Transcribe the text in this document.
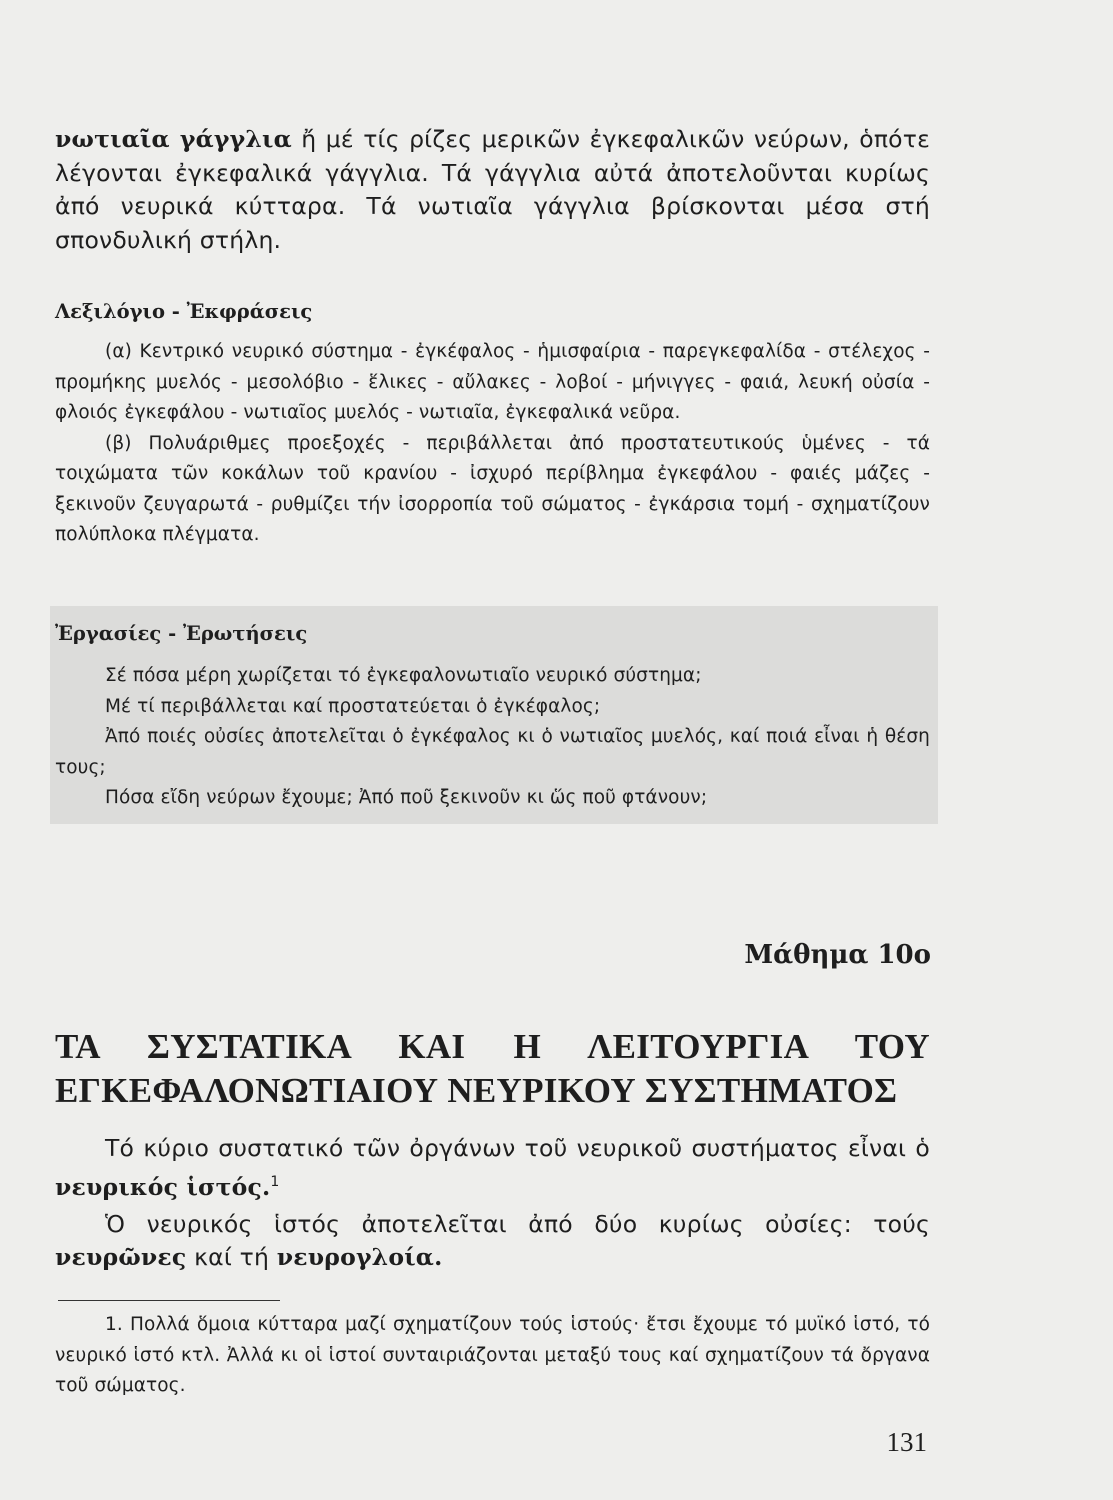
νωτιαῖα γάγγλια ἤ μέ τίς ρίζες μερικῶν ἐγκεφαλικῶν νεύρων, ὁπότε λέγονται ἐγκεφαλικά γάγγλια. Τά γάγγλια αὐτά ἀποτελοῦνται κυρίως ἀπό νευρικά κύτταρα. Τά νωτιαῖα γάγγλια βρίσκονται μέσα στή σπονδυλική στήλη.

Λεξιλόγιο - Ἐκφράσεις

(α) Κεντρικό νευρικό σύστημα - ἐγκέφαλος - ἡμισφαίρια - παρεγκεφαλίδα - στέλεχος - προμήκης μυελός - μεσολόβιο - ἕλικες - αὔλακες - λοβοί - μήνιγγες - φαιά, λευκή οὐσία - φλοιός ἐγκεφάλου - νωτιαῖος μυελός - νωτιαῖα, ἐγκεφαλικά νεῦρα.

(β) Πολυάριθμες προεξοχές - περιβάλλεται ἀπό προστατευτικούς ὑμένες - τά τοιχώματα τῶν κοκάλων τοῦ κρανίου - ἰσχυρό περίβλημα ἐγκεφάλου - φαιές μάζες - ξεκινοῦν ζευγαρωτά - ρυθμίζει τήν ἰσορροπία τοῦ σώματος - ἐγκάρσια τομή - σχηματίζουν πολύπλοκα πλέγματα.

Ἐργασίες - Ἐρωτήσεις

Σέ πόσα μέρη χωρίζεται τό ἐγκεφαλονωτιαῖο νευρικό σύστημα;

Μέ τί περιβάλλεται καί προστατεύεται ὁ ἐγκέφαλος;

Ἀπό ποιές οὐσίες ἀποτελεῖται ὁ ἐγκέφαλος κι ὁ νωτιαῖος μυελός, καί ποιά εἶναι ἡ θέση τους;

Πόσα εἴδη νεύρων ἔχουμε; Ἀπό ποῦ ξεκινοῦν κι ὥς ποῦ φτάνουν;

Μάθημα 10ο
ΤΑ ΣΥΣΤΑΤΙΚΑ ΚΑΙ Η ΛΕΙΤΟΥΡΓΙΑ ΤΟΥ ΕΓΚΕΦΑΛΟΝΩΤΙΑΙΟΥ ΝΕΥΡΙΚΟΥ ΣΥΣΤΗΜΑΤΟΣ

Τό κύριο συστατικό τῶν ὀργάνων τοῦ νευρικοῦ συστήματος εἶναι ὁ νευρικός ἱστός.$^1$

Ὁ νευρικός ἱστός ἀποτελεῖται ἀπό δύο κυρίως οὐσίες: τούς νευρῶνες καί τή νευρογλοία.

1. Πολλά ὅμοια κύτταρα μαζί σχηματίζουν τούς ἱστούς· ἔτσι ἔχουμε τό μυϊκό ἱστό, τό νευρικό ἱστό κτλ. Ἀλλά κι οἱ ἱστοί συνταιριάζονται μεταξύ τους καί σχηματίζουν τά ὄργανα τοῦ σώματος.

131
